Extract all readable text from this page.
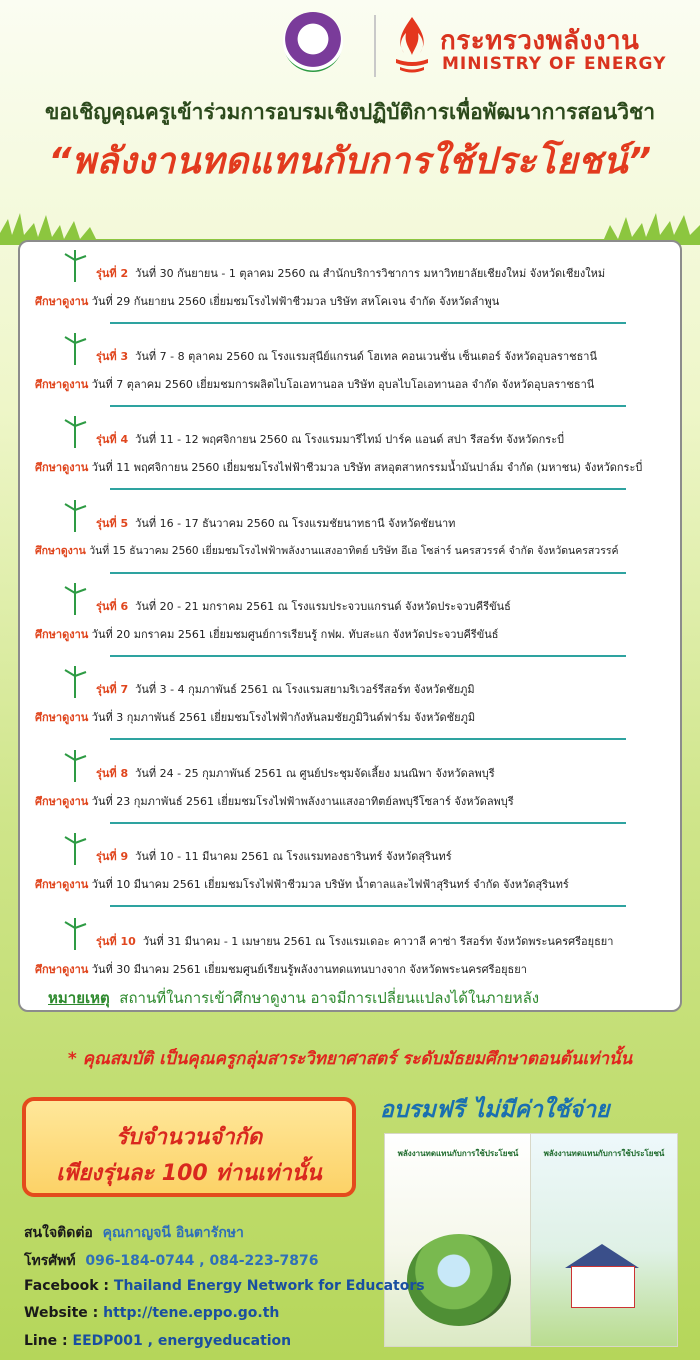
กระทรวงพลังงาน
MINISTRY OF ENERGY
ขอเชิญคุณครูเข้าร่วมการอบรมเชิงปฏิบัติการเพื่อพัฒนาการสอนวิชา
“พลังงานทดแทนกับการใช้ประโยชน์”
รุ่นที่ 2 วันที่ 30 กันยายน - 1 ตุลาคม 2560 ณ สำนักบริการวิชาการ มหาวิทยาลัยเชียงใหม่ จังหวัดเชียงใหม่
ศึกษาดูงาน วันที่ 29 กันยายน 2560 เยี่ยมชมโรงไฟฟ้าชีวมวล บริษัท สหโคเจน จำกัด จังหวัดลำพูน
รุ่นที่ 3 วันที่ 7 - 8 ตุลาคม 2560 ณ โรงแรมสุนีย์แกรนด์ โฮเทล คอนเวนชั่น เซ็นเตอร์ จังหวัดอุบลราชธานี
ศึกษาดูงาน วันที่ 7 ตุลาคม 2560 เยี่ยมชมการผลิตไบโอเอทานอล บริษัท อุบลไบโอเอทานอล จำกัด จังหวัดอุบลราชธานี
รุ่นที่ 4 วันที่ 11 - 12 พฤศจิกายน 2560 ณ โรงแรมมารีไทม์ ปาร์ค แอนด์ สปา รีสอร์ท จังหวัดกระบี่
ศึกษาดูงาน วันที่ 11 พฤศจิกายน 2560 เยี่ยมชมโรงไฟฟ้าชีวมวล บริษัท สหอุตสาหกรรมน้ำมันปาล์ม จำกัด (มหาชน) จังหวัดกระบี่
รุ่นที่ 5 วันที่ 16 - 17 ธันวาคม 2560 ณ โรงแรมชัยนาทธานี จังหวัดชัยนาท
ศึกษาดูงาน วันที่ 15 ธันวาคม 2560 เยี่ยมชมโรงไฟฟ้าพลังงานแสงอาทิตย์ บริษัท อีเอ โซล่าร์ นครสวรรค์ จำกัด จังหวัดนครสวรรค์
รุ่นที่ 6 วันที่ 20 - 21 มกราคม 2561 ณ โรงแรมประจวบแกรนด์ จังหวัดประจวบคีรีขันธ์
ศึกษาดูงาน วันที่ 20 มกราคม 2561 เยี่ยมชมศูนย์การเรียนรู้ กฟผ. ทับสะแก จังหวัดประจวบคีรีขันธ์
รุ่นที่ 7 วันที่ 3 - 4 กุมภาพันธ์ 2561 ณ โรงแรมสยามริเวอร์รีสอร์ท จังหวัดชัยภูมิ
ศึกษาดูงาน วันที่ 3 กุมภาพันธ์ 2561 เยี่ยมชมโรงไฟฟ้ากังหันลมชัยภูมิวินด์ฟาร์ม จังหวัดชัยภูมิ
รุ่นที่ 8 วันที่ 24 - 25 กุมภาพันธ์ 2561 ณ ศูนย์ประชุมจัดเลี้ยง มนณิพา จังหวัดลพบุรี
ศึกษาดูงาน วันที่ 23 กุมภาพันธ์ 2561 เยี่ยมชมโรงไฟฟ้าพลังงานแสงอาทิตย์ลพบุรีโซลาร์ จังหวัดลพบุรี
รุ่นที่ 9 วันที่ 10 - 11 มีนาคม 2561 ณ โรงแรมทองธารินทร์ จังหวัดสุรินทร์
ศึกษาดูงาน วันที่ 10 มีนาคม 2561 เยี่ยมชมโรงไฟฟ้าชีวมวล บริษัท น้ำตาลและไฟฟ้าสุรินทร์ จำกัด จังหวัดสุรินทร์
รุ่นที่ 10 วันที่ 31 มีนาคม - 1 เมษายน 2561 ณ โรงแรมเดอะ คาวาลี คาซ่า รีสอร์ท จังหวัดพระนครศรีอยุธยา
ศึกษาดูงาน วันที่ 30 มีนาคม 2561 เยี่ยมชมศูนย์เรียนรู้พลังงานทดแทนบางจาก จังหวัดพระนครศรีอยุธยา
หมายเหตุ สถานที่ในการเข้าศึกษาดูงาน อาจมีการเปลี่ยนแปลงได้ในภายหลัง
* คุณสมบัติ เป็นคุณครูกลุ่มสาระวิทยาศาสตร์ ระดับมัธยมศึกษาตอนต้นเท่านั้น
รับจำนวนจำกัด
เพียงรุ่นละ 100 ท่านเท่านั้น
อบรมฟรี ไม่มีค่าใช้จ่าย
พลังงานทดแทนกับการใช้ประโยชน์	พลังงานทดแทนกับการใช้ประโยชน์
สนใจติดต่อ คุณกาญจนี อินตารักษา
โทรศัพท์ 096-184-0744 , 084-223-7876
Facebook : Thailand Energy Network for Educators
Website : http://tene.eppo.go.th
Line : EEDP001 , energyeducation
